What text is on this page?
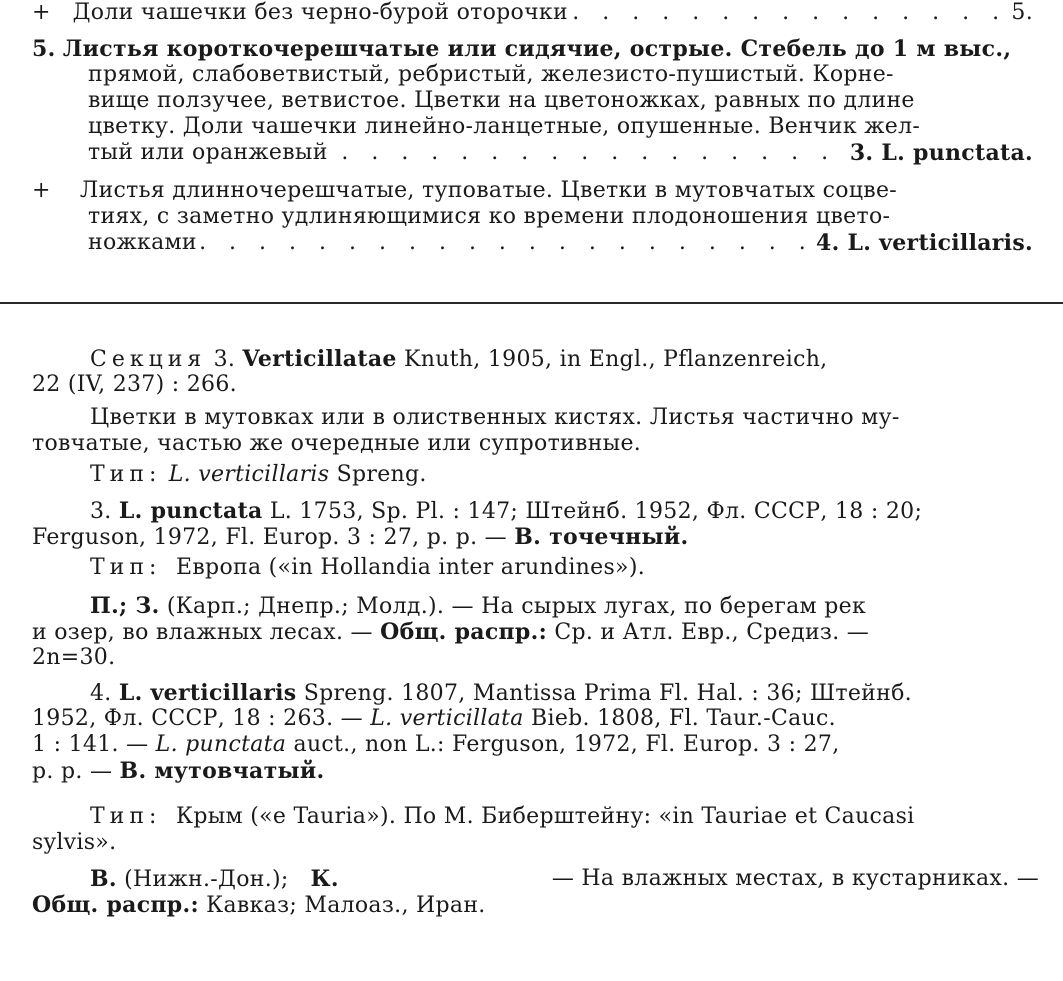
+ Доли чашечки без черно-бурой оторочки . . . . . . . . . . . . . . . 5.
5. Листья короткочерешчатые или сидячие, острые. Стебель до 1 м выс.,
прямой, слабоветвистый, ребристый, железисто-пушистый. Корне-
вище ползучее, ветвистое. Цветки на цветоножках, равных по длине
цветку. Доли чашечки линейно-ланцетные, опушенные. Венчик жел-
тый или оранжевый . . . . . . . . . . . . . . . . . 3. L. punctata.
+ Листья длинночерешчатые, туповатые. Цветки в мутовчатых соцве-
тиях, с заметно удлиняющимися ко времени плодоношения цвето-
ножками . . . . . . . . . . . . . . . . . . . . . 4. L. verticillaris.
Секция 3. Verticillatae Knuth, 1905, in Engl., Pflanzenreich,
22 (IV, 237) : 266.
Цветки в мутовках или в олиственных кистях. Листья частично му-
товчатые, частью же очередные или супротивные.
Тип: L. verticillaris Spreng.
3. L. punctata L. 1753, Sp. Pl. : 147; Штейнб. 1952, Фл. СССР, 18 : 20;
Ferguson, 1972, Fl. Europ. 3 : 27, p. p. — В. точечный.
Тип: Европа («in Hollandia inter arundines»).
П.; З. (Карп.; Днепр.; Молд.). — На сырых лугах, по берегам рек
и озер, во влажных лесах. — Общ. распр.: Ср. и Атл. Евр., Средиз. —
2n=30.
4. L. verticillaris Spreng. 1807, Mantissa Prima Fl. Hal. : 36; Штейнб.
1952, Фл. СССР, 18 : 263. — L. verticillata Bieb. 1808, Fl. Taur.-Cauc.
1 : 141. — L. punctata auct., non L.: Ferguson, 1972, Fl. Europ. 3 : 27,
p. p. — В. мутовчатый.
Тип: Крым («e Tauria»). По М. Биберштейну: «in Tauriae et Caucasi
sylvis».
В. (Нижн.-Дон.); К.	— На влажных местах, в кустарниках. —
Общ. распр.: Кавказ; Малоаз., Иран.
